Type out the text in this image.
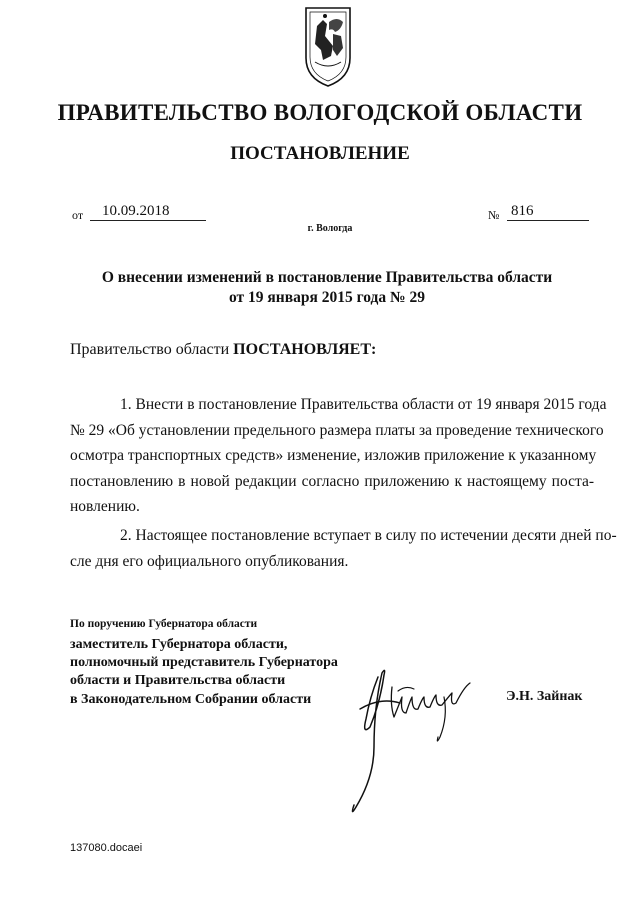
ПРАВИТЕЛЬСТВО ВОЛОГОДСКОЙ ОБЛАСТИ
ПОСТАНОВЛЕНИЕ
от	10.09.2018	№ 816
г. Вологда
О внесении изменений в постановление Правительства области
от 19 января 2015 года № 29
Правительство области ПОСТАНОВЛЯЕТ:
1. Внести в постановление Правительства области от 19 января 2015 года
№ 29 «Об установлении предельного размера платы за проведение технического
осмотра транспортных средств» изменение, изложив приложение к указанному
постановлению в новой редакции согласно приложению к настоящему поста-
новлению.
2. Настоящее постановление вступает в силу по истечении десяти дней по-
сле дня его официального опубликования.
По поручению Губернатора области
заместитель Губернатора области,
полномочный представитель Губернатора
области и Правительства области
в Законодательном Собрании области	Э.Н. Зайнак
137080.docaei
